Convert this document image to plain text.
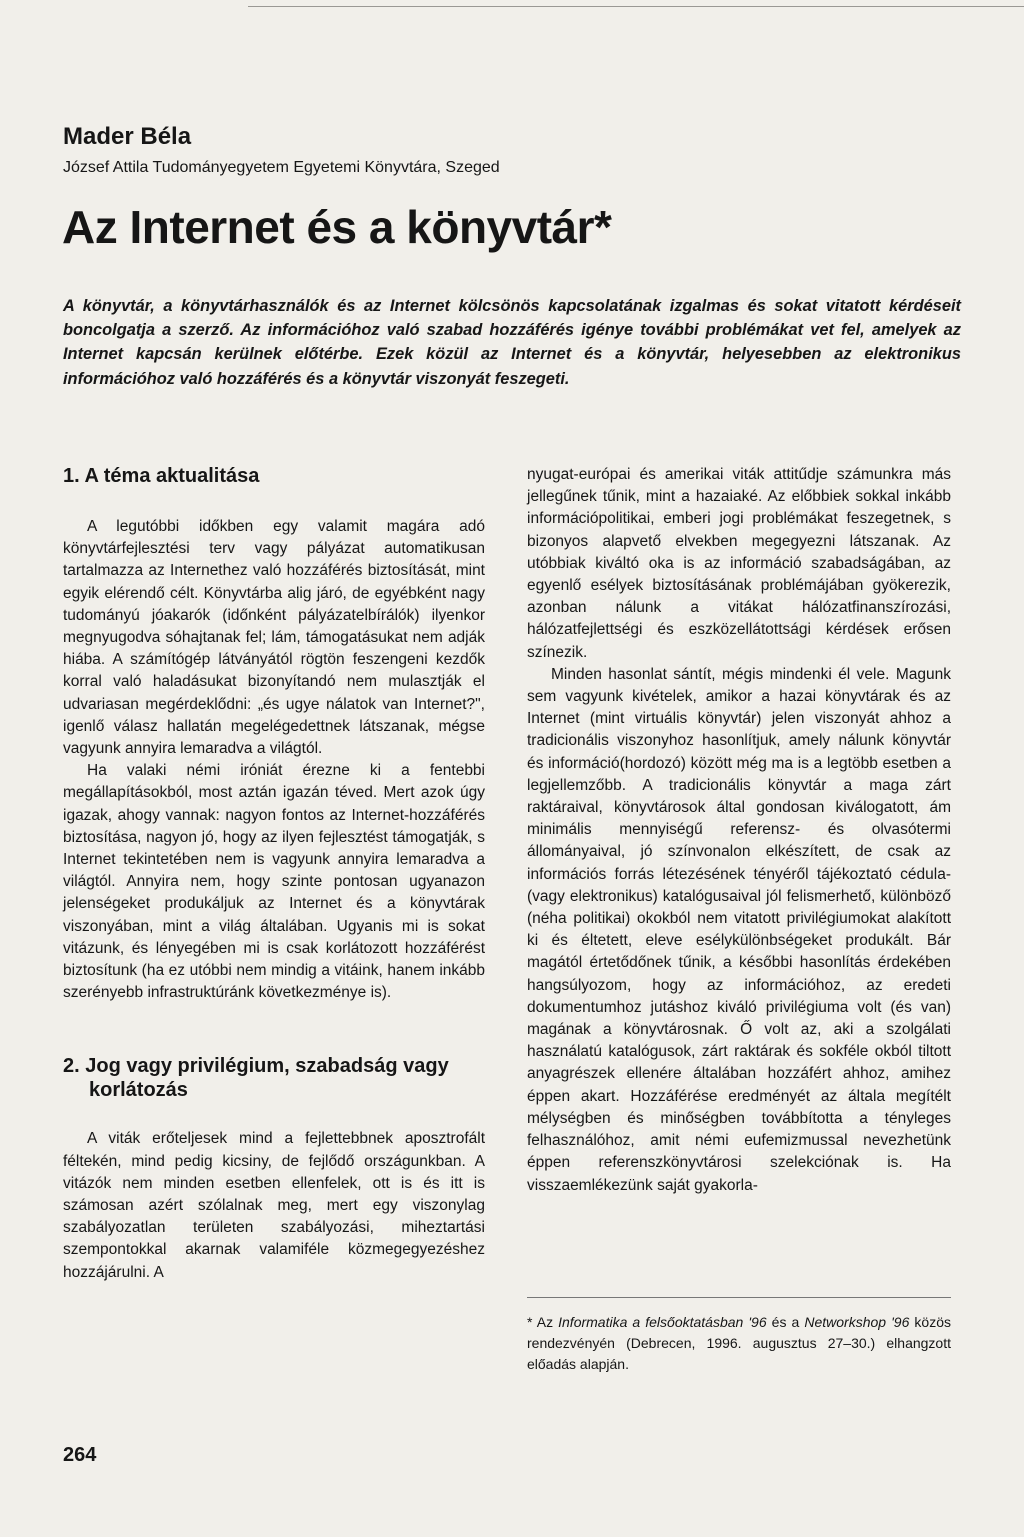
Mader Béla
József Attila Tudományegyetem Egyetemi Könyvtára, Szeged
Az Internet és a könyvtár*

A könyvtár, a könyvtárhasználók és az Internet kölcsönös kapcsolatának izgalmas és sokat vitatott kérdéseit boncolgatja a szerző. Az információhoz való szabad hozzáférés igénye további problémákat vet fel, amelyek az Internet kapcsán kerülnek előtérbe. Ezek közül az Internet és a könyvtár, helyesebben az elektronikus információhoz való hozzáférés és a könyvtár viszonyát feszegeti.

1. A téma aktualitása

A legutóbbi időkben egy valamit magára adó könyvtárfejlesztési terv vagy pályázat automatikusan tartalmazza az Internethez való hozzáférés biztosítását, mint egyik elérendő célt. Könyvtárba alig járó, de egyébként nagy tudományú jóakarók (időnként pályázatelbírálók) ilyenkor megnyugodva sóhajtanak fel; lám, támogatásukat nem adják hiába. A számítógép látványától rögtön feszengeni kezdők korral való haladásukat bizonyítandó nem mulasztják el udvariasan megérdeklődni: „és ugye nálatok van Internet?", igenlő válasz hallatán megelégedettnek látszanak, mégse vagyunk annyira lemaradva a világtól.

Ha valaki némi iróniát érezne ki a fentebbi megállapításokból, most aztán igazán téved. Mert azok úgy igazak, ahogy vannak: nagyon fontos az Internet-hozzáférés biztosítása, nagyon jó, hogy az ilyen fejlesztést támogatják, s Internet tekintetében nem is vagyunk annyira lemaradva a világtól. Annyira nem, hogy szinte pontosan ugyanazon jelenségeket produkáljuk az Internet és a könyvtárak viszonyában, mint a világ általában. Ugyanis mi is sokat vitázunk, és lényegében mi is csak korlátozott hozzáférést biztosítunk (ha ez utóbbi nem mindig a vitáink, hanem inkább szerényebb infrastruktúránk következménye is).

2. Jog vagy privilégium, szabadság vagy korlátozás

A viták erőteljesek mind a fejlettebbnek aposztrofált féltekén, mind pedig kicsiny, de fejlődő országunkban. A vitázók nem minden esetben ellenfelek, ott is és itt is számosan azért szólalnak meg, mert egy viszonylag szabályozatlan területen szabályozási, miheztartási szempontokkal akarnak valamiféle közmegegyezéshez hozzájárulni. A

nyugat-európai és amerikai viták attitűdje számunkra más jellegűnek tűnik, mint a hazaiaké. Az előbbiek sokkal inkább információpolitikai, emberi jogi problémákat feszegetnek, s bizonyos alapvető elvekben megegyezni látszanak. Az utóbbiak kiváltó oka is az információ szabadságában, az egyenlő esélyek biztosításának problémájában gyökerezik, azonban nálunk a vitákat hálózatfinanszírozási, hálózatfejlettségi és eszközellátottsági kérdések erősen színezik.

Minden hasonlat sántít, mégis mindenki él vele. Magunk sem vagyunk kivételek, amikor a hazai könyvtárak és az Internet (mint virtuális könyvtár) jelen viszonyát ahhoz a tradicionális viszonyhoz hasonlítjuk, amely nálunk könyvtár és információ(hordozó) között még ma is a legtöbb esetben a legjellemzőbb. A tradicionális könyvtár a maga zárt raktáraival, könyvtárosok által gondosan kiválogatott, ám minimális mennyiségű referensz- és olvasótermi állományaival, jó színvonalon elkészített, de csak az információs forrás létezésének tényéről tájékoztató cédula- (vagy elektronikus) katalógusaival jól felismerhető, különböző (néha politikai) okokból nem vitatott privilégiumokat alakított ki és éltetett, eleve esélykülönbségeket produkált. Bár magától értetődőnek tűnik, a későbbi hasonlítás érdekében hangsúlyozom, hogy az információhoz, az eredeti dokumentumhoz jutáshoz kiváló privilégiuma volt (és van) magának a könyvtárosnak. Ő volt az, aki a szolgálati használatú katalógusok, zárt raktárak és sokféle okból tiltott anyagrészek ellenére általában hozzáfért ahhoz, amihez éppen akart. Hozzáférése eredményét az általa megítélt mélységben és minőségben továbbította a tényleges felhasználóhoz, amit némi eufemizmussal nevezhetünk éppen referenszkönyvtárosi szelekciónak is. Ha visszaemlékezünk saját gyakorla-

* Az Informatika a felsőoktatásban '96 és a Networkshop '96 közös rendezvényén (Debrecen, 1996. augusztus 27–30.) elhangzott előadás alapján.

264
